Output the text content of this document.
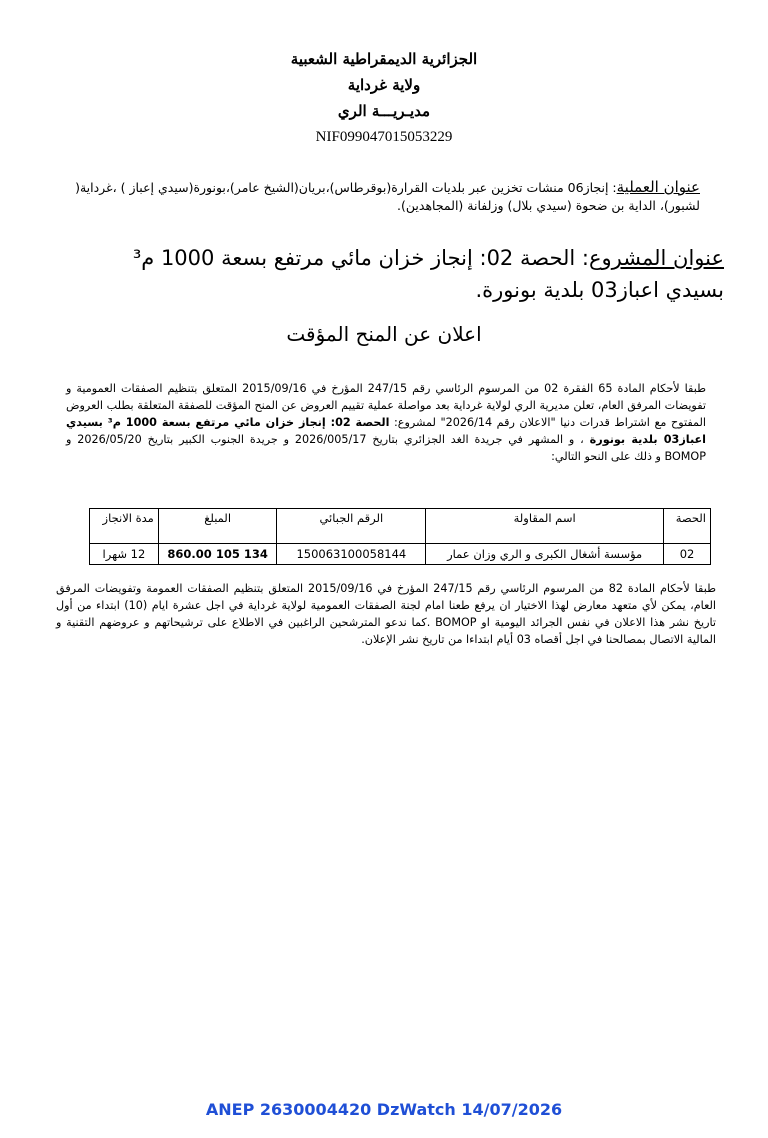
الجزائرية الديمقراطية الشعبية
ولاية غرداية
مديـريـــة الري
NIF099047015053229
عنوان العملية: إنجاز06 منشات تخزين عبر بلديات القرارة(بوقرطاس)،بريان(الشيخ عامر)،بونورة(سيدي إعباز ) ،غرداية( لشبور)، الداية بن ضحوة (سيدي بلال) وزلفانة (المجاهدين).
عنوان المشروع: الحصة 02: إنجاز خزان مائي مرتفع بسعة 1000 م³ بسيدي اعباز03 بلدية بونورة.
اعلان عن المنح المؤقت
طبقا لأحكام المادة 65 الفقرة 02 من المرسوم الرئاسي رقم 247/15 المؤرخ في 2015/09/16 المتعلق بتنظيم الصفقات العمومية و تفويضات المرفق العام، تعلن مديرية الري لولاية غرداية بعد مواصلة عملية تقييم العروض عن المنح المؤقت للصفقة المتعلقة بطلب العروض المفتوح مع اشتراط قدرات دنيا "الاعلان رقم 2026/14" لمشروع: الحصة 02: إنجاز خزان مائي مرتفع بسعة 1000 م³ بسيدي اعباز03 بلدية بونورة ، و المشهر في جريدة الغد الجزائري بتاريخ 2026/005/17 و جريدة الجنوب الكبير بتاريخ 2026/05/20 و BOMOP و ذلك على النحو التالي:
الحصة	اسم المقاولة	الرقم الجبائي	المبلغ	مدة الانجاز
02	مؤسسة أشغال الكبرى و الري وزان عمار	150063100058144	134 105 860.00	12 شهرا
طبقا لأحكام المادة 82 من المرسوم الرئاسي رقم 247/15 المؤرخ في 2015/09/16 المتعلق بتنظيم الصفقات العمومة وتفويضات المرفق العام، يمكن لأي متعهد معارض لهذا الاختيار ان يرفع طعنا امام لجنة الصفقات العمومية لولاية غرداية في اجل عشرة ايام (10) ابتداء من أول تاريخ نشر هذا الاعلان في نفس الجرائد اليومية او BOMOP .كما ندعو المترشحين الراغبين في الاطلاع على ترشيحاتهم و عروضهم التقنية و المالية الاتصال بمصالحنا في اجل أقصاه 03 أيام ابتداءا من تاريخ نشر الإعلان.
ANEP 2630004420 DzWatch 14/07/2026
